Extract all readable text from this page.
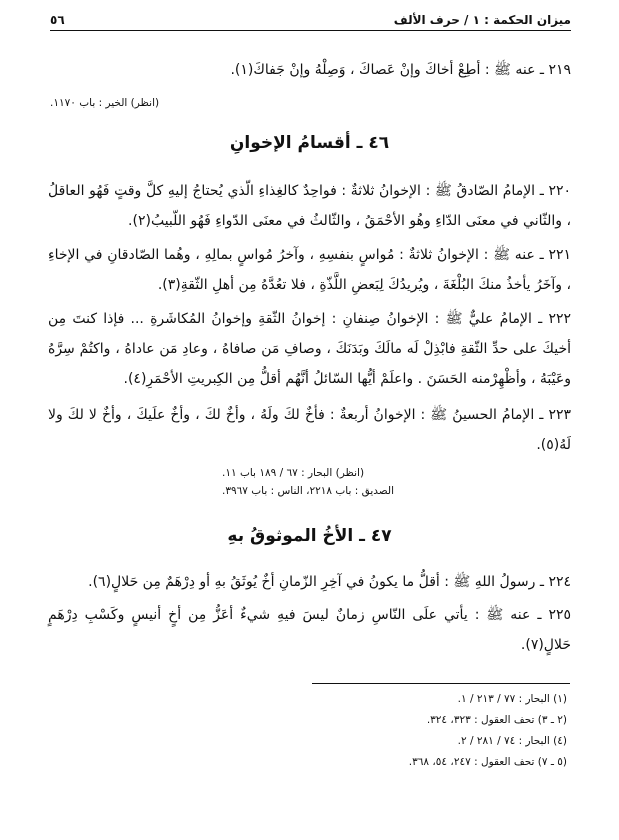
ميزان الحكمة : ١ / حرف الألف
٥٦
٢١٩ ـ عنه ﷺ : أطِعْ أخاكَ وإنْ عَصاكَ ، وَصِلْهُ وإنْ جَفاكَ(١).
(انظر) الخير : باب ١١٧٠.
٤٦ ـ أقسامُ الإخوانِ
٢٢٠ ـ الإمامُ الصّادقُ ﷺ : الإخوانُ ثلاثةٌ : فواحِدٌ كالغِذاءِ الّذي يُحتاجُ إليهِ كلَّ وقتٍ فَهُو العاقلُ ، والثّاني في معنَى الدّاءِ وهُو الأحْمَقُ ، والثّالثُ في معنَى الدّواءِ فَهُو اللّبيبُ(٢).
٢٢١ ـ عنه ﷺ : الإخوانُ ثلاثةٌ : مُواسٍ بنفسِهِ ، وآخرُ مُواسٍ بمالِهِ ، وهُما الصّادقانِ في الإخاءِ ، وآخَرُ يأخذُ منكَ البُلْغَةَ ، ويُريدُكَ لِبَعضِ اللَّذّةِ ، فلا تعُدَّهُ مِن أهلِ الثّقةِ(٣).
٢٢٢ ـ الإمامُ عليٌّ ﷺ : الإخوانُ صِنفانِ : إخوانُ الثّقةِ وإخوانُ المُكاشَرةِ ... فإذا كنتَ مِن أخيكَ على حدِّ الثّقةِ فابْذِلْ لَه مالَكَ وبَدَنَكَ ، وصافِ مَن صافاهُ ، وعادِ مَن عاداهُ ، واكتُمْ سِرَّهُ وعَيْبَهُ ، وأظْهِرْمنه الحَسَنَ . واعلَمْ أيُّها السّائلُ أنَّهُم أقلُّ مِن الكِبريتِ الأحْمَرِ(٤).
٢٢٣ ـ الإمامُ الحسينُ ﷺ : الإخوانُ أربعةٌ : فأخٌ لكَ ولَهُ ، وأخٌ لكَ ، وأخٌ علَيكَ ، وأخٌ لا لكَ ولا لَهُ(٥).
(انظر) البحار : ٦٧ / ١٨٩ باب ١١.
الصديق : باب ٢٢١٨، الناس : باب ٣٩٦٧.
٤٧ ـ الأخُ الموثوقُ بهِ
٢٢٤ ـ رسولُ اللهِ ﷺ : أقلُّ ما يكونُ في آخِرِ الزّمانِ أخٌ يُوثَقُ بهِ أو دِرْهَمٌ مِن حَلالٍ(٦).
٢٢٥ ـ عنه ﷺ : يأتي علَى النّاسِ زمانٌ ليسَ فيهِ شيءٌ أعَزُّ مِن أخٍ أنيسٍ وكَسْبِ دِرْهَمٍ حَلالٍ(٧).
(١) البحار : ٧٧ / ٢١٣ / ١.
(٢ ـ ٣) تحف العقول : ٣٢٣، ٣٢٤.
(٤) البحار : ٧٤ / ٢٨١ / ٢.
(٥ ـ ٧) تحف العقول : ٢٤٧، ٥٤، ٣٦٨.
